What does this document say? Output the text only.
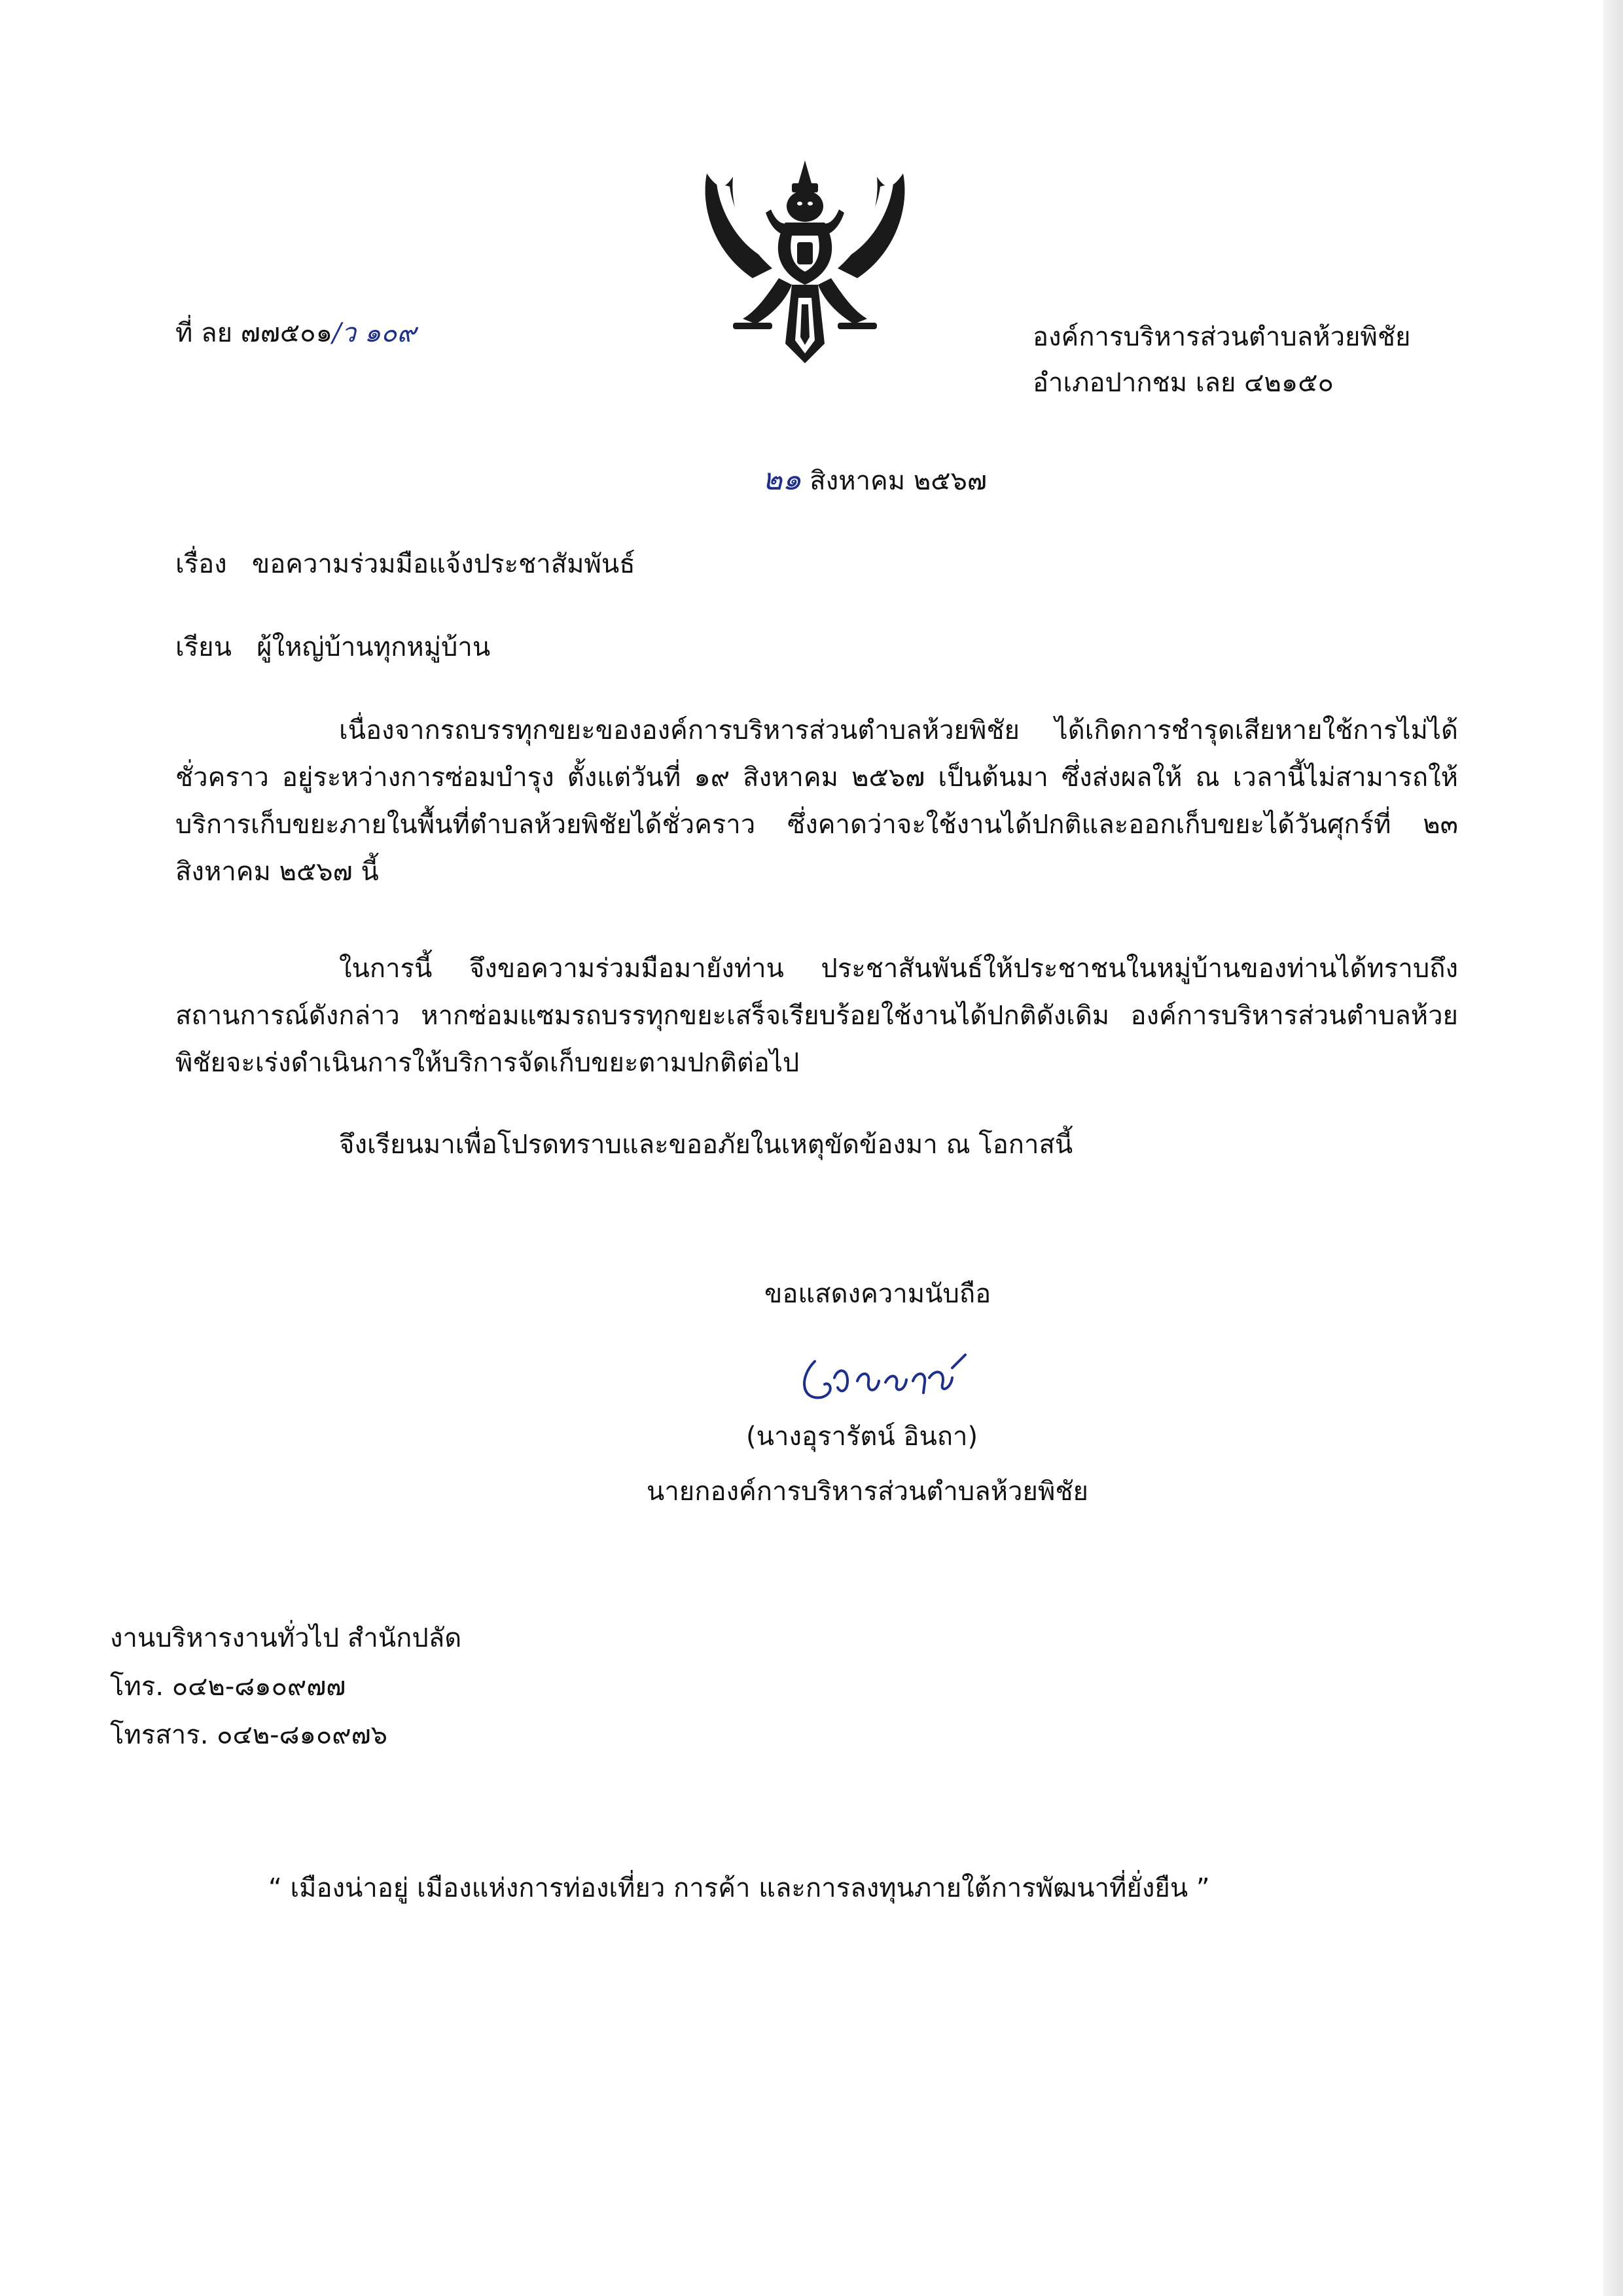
ที่ ลย ๗๗๕๐๑/ว ๑๐๙	องค์การบริหารส่วนตำบลห้วยพิชัย
อำเภอปากชม เลย ๔๒๑๕๐
๒๑ สิงหาคม ๒๕๖๗
เรื่อง ขอความร่วมมือแจ้งประชาสัมพันธ์
เรียน ผู้ใหญ่บ้านทุกหมู่บ้าน
เนื่องจากรถบรรทุกขยะขององค์การบริหารส่วนตำบลห้วยพิชัย ได้เกิดการชำรุดเสียหายใช้การไม่ได้ชั่วคราว อยู่ระหว่างการซ่อมบำรุง ตั้งแต่วันที่ ๑๙ สิงหาคม ๒๕๖๗ เป็นต้นมา ซึ่งส่งผลให้ ณ เวลานี้ไม่สามารถให้บริการเก็บขยะภายในพื้นที่ตำบลห้วยพิชัยได้ชั่วคราว ซึ่งคาดว่าจะใช้งานได้ปกติและออกเก็บขยะได้วันศุกร์ที่ ๒๓ สิงหาคม ๒๕๖๗ นี้
ในการนี้ จึงขอความร่วมมือมายังท่าน ประชาสันพันธ์ให้ประชาชนในหมู่บ้านของท่านได้ทราบถึงสถานการณ์ดังกล่าว หากซ่อมแซมรถบรรทุกขยะเสร็จเรียบร้อยใช้งานได้ปกติดังเดิม องค์การบริหารส่วนตำบลห้วยพิชัยจะเร่งดำเนินการให้บริการจัดเก็บขยะตามปกติต่อไป
จึงเรียนมาเพื่อโปรดทราบและขออภัยในเหตุขัดข้องมา ณ โอกาสนี้
ขอแสดงความนับถือ
(นางอุรารัตน์ อินถา)
นายกองค์การบริหารส่วนตำบลห้วยพิชัย
งานบริหารงานทั่วไป สำนักปลัด
โทร. ๐๔๒-๘๑๐๙๗๗
โทรสาร. ๐๔๒-๘๑๐๙๗๖
“ เมืองน่าอยู่ เมืองแห่งการท่องเที่ยว การค้า และการลงทุนภายใต้การพัฒนาที่ยั่งยืน ”
